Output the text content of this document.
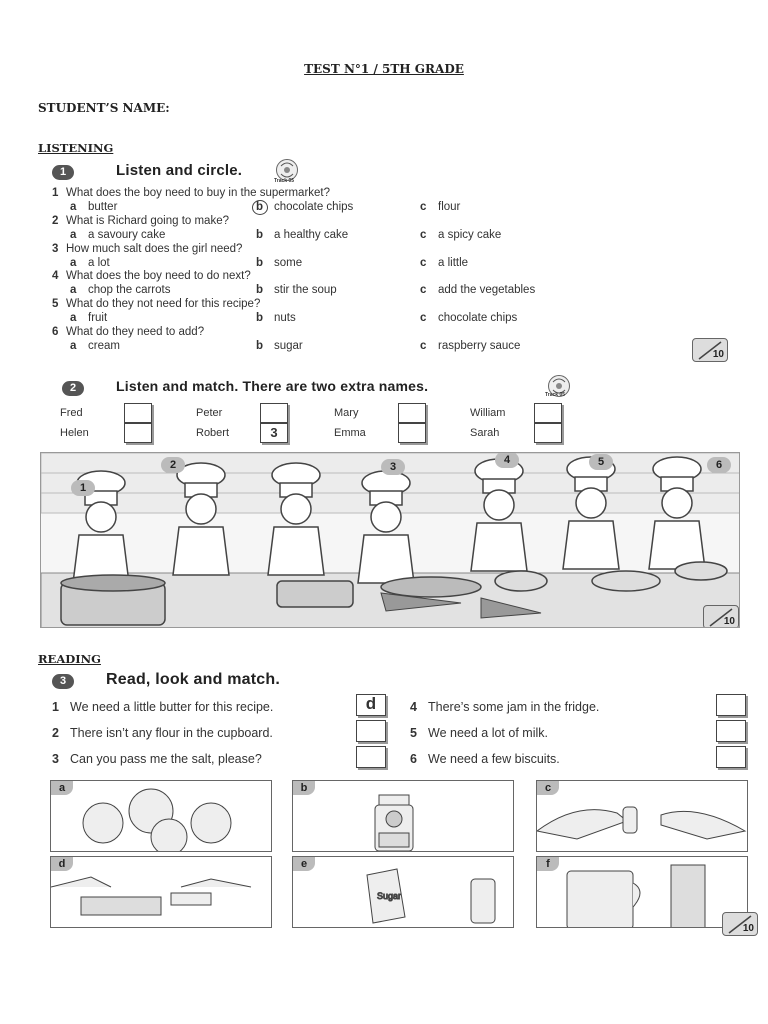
TEST N°1 / 5TH GRADE
STUDENT’S NAME:
LISTENING
1	Listen and circle.
Track 05
1 What does the boy need to buy in the supermarket?
a butter	b chocolate chips	c flour
2 What is Richard going to make?
a a savoury cake	b a healthy cake	c a spicy cake
3 How much salt does the girl need?
a a lot	b some	c a little
4 What does the boy need to do next?
a chop the carrots	b stir the soup	c add the vegetables
5 What do they not need for this recipe?
a fruit	b nuts	c chocolate chips
6 What do they need to add?
a cream	b sugar	c raspberry sauce
10
2	Listen and match. There are two extra names.
Track 05
Fred	Peter	Mary	William
Helen	Robert	3	Emma	Sarah
1
2	3
4	5	6
10
READING
3	Read, look and match.
1 We need a little butter for this recipe.	d
2 There isn’t any flour in the cupboard.
3 Can you pass me the salt, please?
4 There’s some jam in the fridge.
5 We need a lot of milk.
6 We need a few biscuits.
a	b	c
d
Sugar
e	f
10
